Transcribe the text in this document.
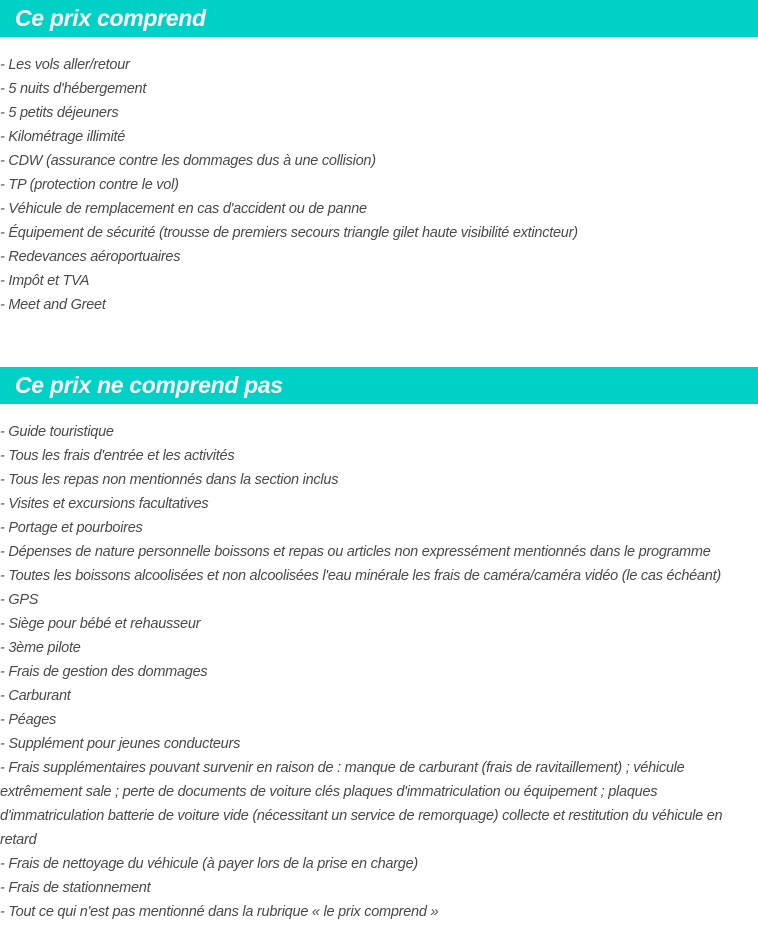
Ce prix comprend
- Les vols aller/retour
- 5 nuits d'hébergement
- 5 petits déjeuners
- Kilométrage illimité
- CDW (assurance contre les dommages dus à une collision)
- TP (protection contre le vol)
- Véhicule de remplacement en cas d'accident ou de panne
- Équipement de sécurité (trousse de premiers secours triangle gilet haute visibilité extincteur)
- Redevances aéroportuaires
- Impôt et TVA
- Meet and Greet
Ce prix ne comprend pas
- Guide touristique
- Tous les frais d'entrée et les activités
- Tous les repas non mentionnés dans la section inclus
- Visites et excursions facultatives
- Portage et pourboires
- Dépenses de nature personnelle boissons et repas ou articles non expressément mentionnés dans le programme
- Toutes les boissons alcoolisées et non alcoolisées l'eau minérale les frais de caméra/caméra vidéo (le cas échéant)
- GPS
- Siège pour bébé et rehausseur
- 3ème pilote
- Frais de gestion des dommages
- Carburant
- Péages
- Supplément pour jeunes conducteurs
- Frais supplémentaires pouvant survenir en raison de : manque de carburant (frais de ravitaillement) ; véhicule extrêmement sale ; perte de documents de voiture clés plaques d'immatriculation ou équipement ; plaques d'immatriculation batterie de voiture vide (nécessitant un service de remorquage) collecte et restitution du véhicule en retard
- Frais de nettoyage du véhicule (à payer lors de la prise en charge)
- Frais de stationnement
- Tout ce qui n'est pas mentionné dans la rubrique « le prix comprend »
